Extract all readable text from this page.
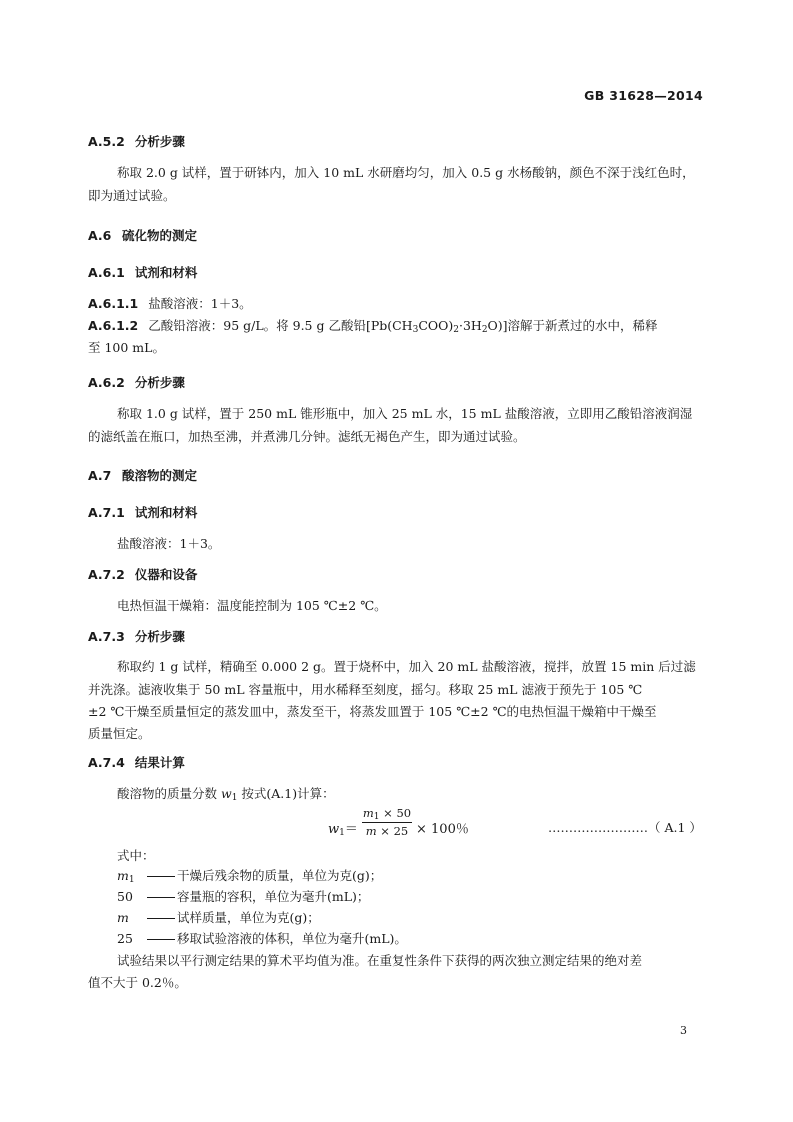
GB 31628—2014
A.5.2 分析步骤
称取 2.0 g 试样，置于研钵内，加入 10 mL 水研磨均匀，加入 0.5 g 水杨酸钠，颜色不深于浅红色时，
即为通过试验。
A.6 硫化物的测定
A.6.1 试剂和材料
A.6.1.1 盐酸溶液：1＋3。
A.6.1.2 乙酸铅溶液：95 g/L。将 9.5 g 乙酸铅$[Pb(CH_3COO)_2\cdot 3H_2O)$]溶解于新煮过的水中，稀释
至 100 mL。
A.6.2 分析步骤
称取 1.0 g 试样，置于 250 mL 锥形瓶中，加入 25 mL 水，15 mL 盐酸溶液，立即用乙酸铅溶液润湿
的滤纸盖在瓶口，加热至沸，并煮沸几分钟。滤纸无褐色产生，即为通过试验。
A.7 酸溶物的测定
A.7.1 试剂和材料
盐酸溶液：1＋3。
A.7.2 仪器和设备
电热恒温干燥箱：温度能控制为 105 ℃±2 ℃。
A.7.3 分析步骤
称取约 1 g 试样，精确至 0.000 2 g。置于烧杯中，加入 20 mL 盐酸溶液，搅拌，放置 15 min 后过滤
并洗涤。滤液收集于 50 mL 容量瓶中，用水稀释至刻度，摇匀。移取 25 mL 滤液于预先于 105 ℃
±2 ℃干燥至质量恒定的蒸发皿中，蒸发至干，将蒸发皿置于 105 ℃±2 ℃的电热恒温干燥箱中干燥至
质量恒定。
A.7.4 结果计算
酸溶物的质量分数 $w_1$ 按式(A.1)计算：
$w_1=$
$m_1 \times 50$
m × 25 × 100％	……………………（ A.1 ）
式中：
$m_1$	干燥后残余物的质量，单位为克(g)；
50	容量瓶的容积，单位为毫升(mL)；
m	试样质量，单位为克(g)；
25	移取试验溶液的体积，单位为毫升(mL)。
试验结果以平行测定结果的算术平均值为准。在重复性条件下获得的两次独立测定结果的绝对差
值不大于 0.2％。
3
